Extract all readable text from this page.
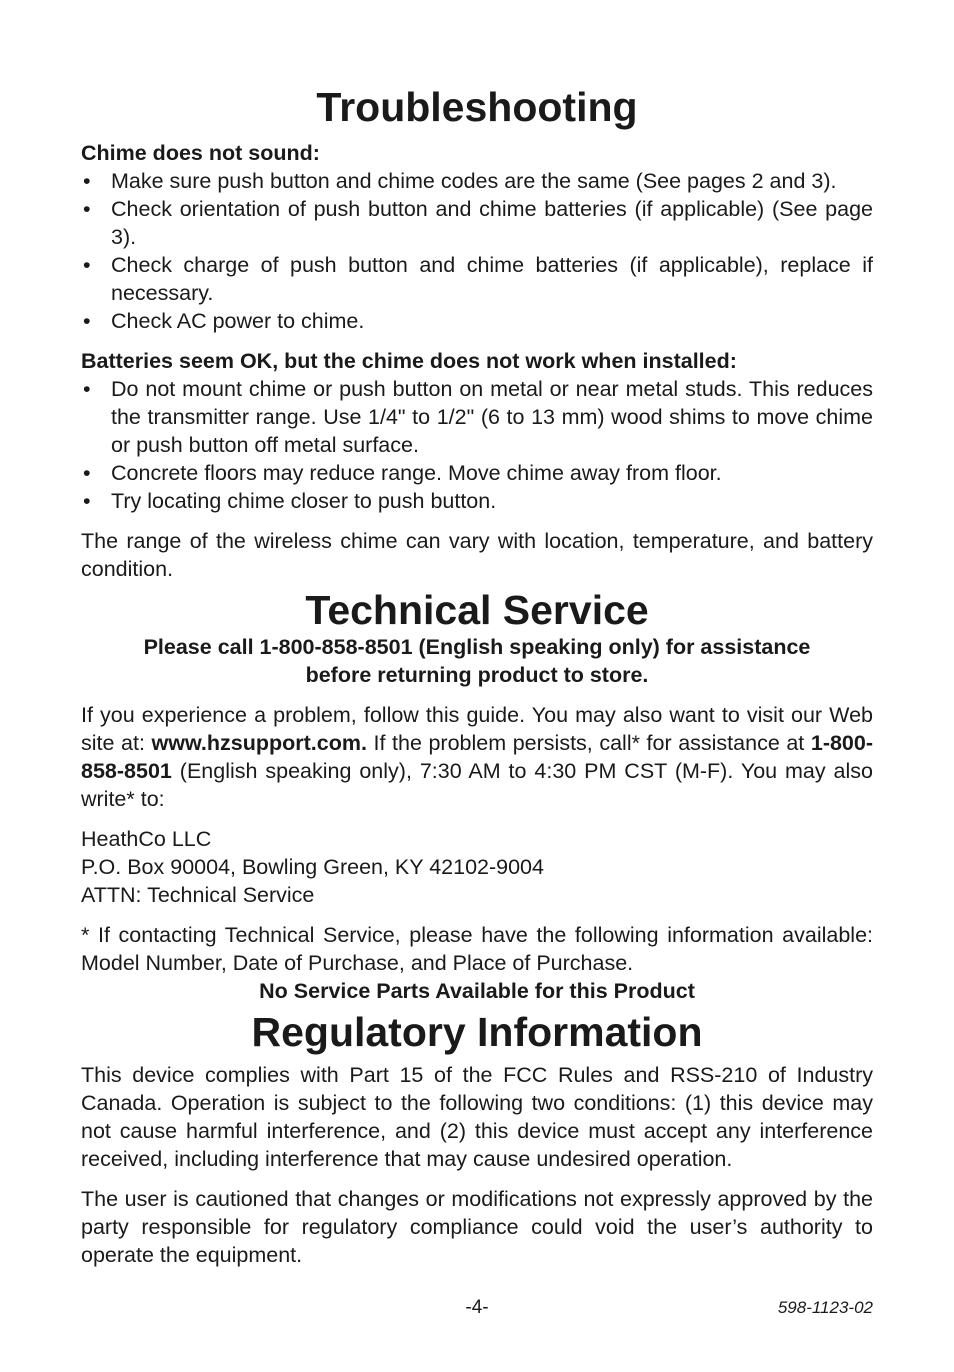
Troubleshooting

Chime does not sound:

• Make sure push button and chime codes are the same (See pages 2 and 3).
• Check orientation of push button and chime batteries (if applicable) (See page 3).
• Check charge of push button and chime batteries (if applicable), replace if necessary.
• Check AC power to chime.

Batteries seem OK, but the chime does not work when installed:

• Do not mount chime or push button on metal or near metal studs. This reduces the transmitter range. Use 1/4" to 1/2" (6 to 13 mm) wood shims to move chime or push button off metal surface.
• Concrete floors may reduce range. Move chime away from floor.
• Try locating chime closer to push button.

The range of the wireless chime can vary with location, temperature, and battery condition.

Technical Service

Please call 1-800-858-8501 (English speaking only) for assistance

before returning product to store.

If you experience a problem, follow this guide. You may also want to visit our Web site at: www.hzsupport.com. If the problem persists, call* for assistance at 1-800-858-8501 (English speaking only), 7:30 AM to 4:30 PM CST (M-F). You may also write* to:

HeathCo LLC
P.O. Box 90004, Bowling Green, KY 42102-9004
ATTN: Technical Service

* If contacting Technical Service, please have the following information available: Model Number, Date of Purchase, and Place of Purchase.

No Service Parts Available for this Product

Regulatory Information

This device complies with Part 15 of the FCC Rules and RSS-210 of Industry Canada. Operation is subject to the following two conditions: (1) this device may not cause harmful interference, and (2) this device must accept any interference received, including interference that may cause undesired operation.

The user is cautioned that changes or modifications not expressly approved by the party responsible for regulatory compliance could void the user’s authority to operate the equipment.

-4-	598-1123-02
